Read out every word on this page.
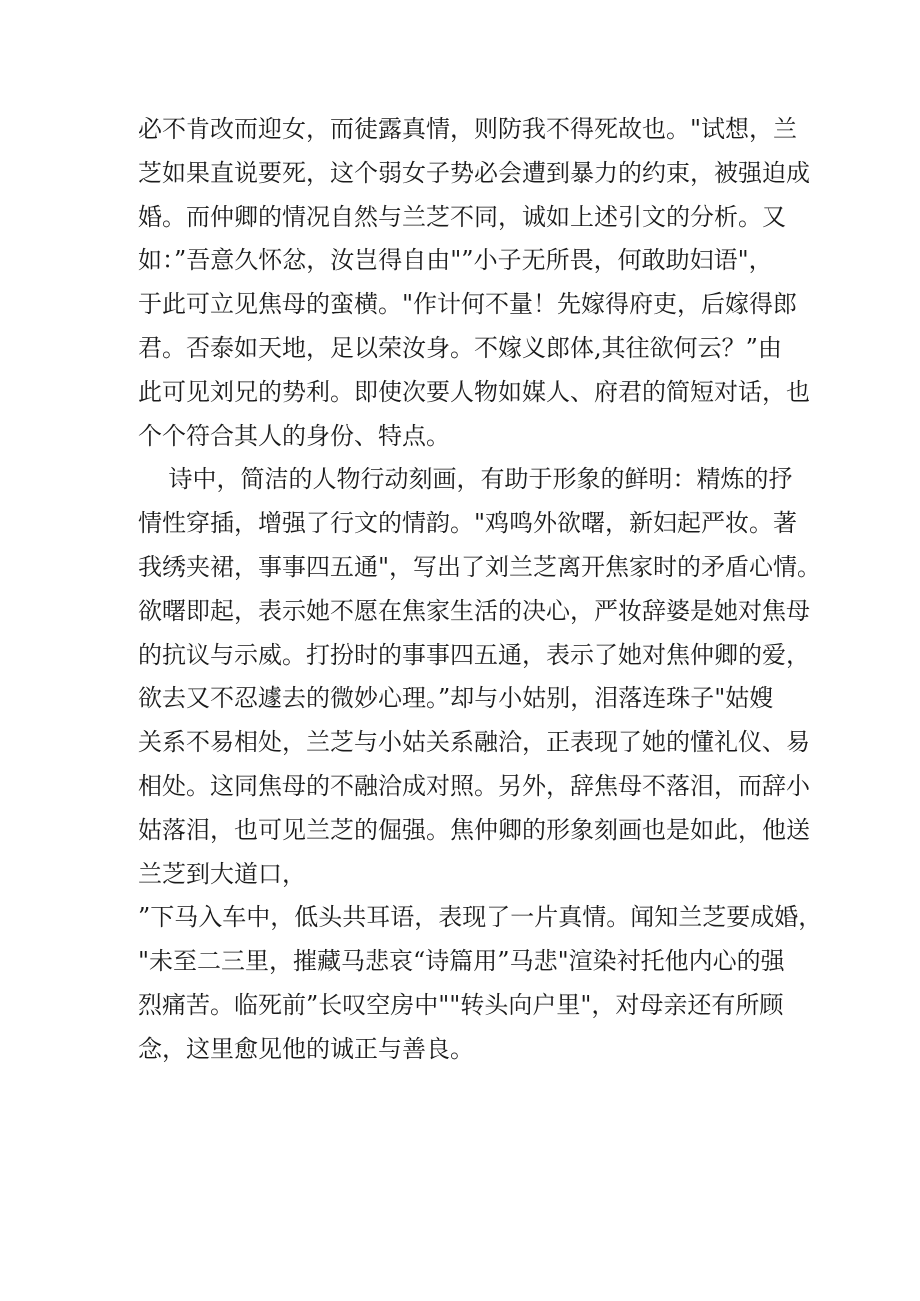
必不肯改而迎女，而徒露真情，则防我不得死故也。"试想，兰
芝如果直说要死，这个弱女子势必会遭到暴力的约束，被强迫成
婚。而仲卿的情况自然与兰芝不同，诚如上述引文的分析。又
如：”吾意久怀忿，汝岂得自由"”小子无所畏，何敢助妇语"，
于此可立见焦母的蛮横。"作计何不量！先嫁得府吏，后嫁得郎
君。否泰如天地，足以荣汝身。不嫁义郎体,其往欲何云？”由
此可见刘兄的势利。即使次要人物如媒人、府君的简短对话，也
个个符合其人的身份、特点。
诗中，简洁的人物行动刻画，有助于形象的鲜明：精炼的抒
情性穿插，增强了行文的情韵。"鸡鸣外欲曙，新妇起严妆。著
我绣夹裙，事事四五通"，写出了刘兰芝离开焦家时的矛盾心情。
欲曙即起，表示她不愿在焦家生活的决心，严妆辞婆是她对焦母
的抗议与示威。打扮时的事事四五通，表示了她对焦仲卿的爱，
欲去又不忍遽去的微妙心理。”却与小姑别，泪落连珠子"姑嫂
关系不易相处，兰芝与小姑关系融洽，正表现了她的懂礼仪、易
相处。这同焦母的不融洽成对照。另外，辞焦母不落泪，而辞小
姑落泪，也可见兰芝的倔强。焦仲卿的形象刻画也是如此，他送
兰芝到大道口，
”下马入车中，低头共耳语，表现了一片真情。闻知兰芝要成婚，
"未至二三里，摧藏马悲哀“诗篇用”马悲"渲染衬托他内心的强
烈痛苦。临死前”长叹空房中""转头向户里"，对母亲还有所顾
念，这里愈见他的诚正与善良。
